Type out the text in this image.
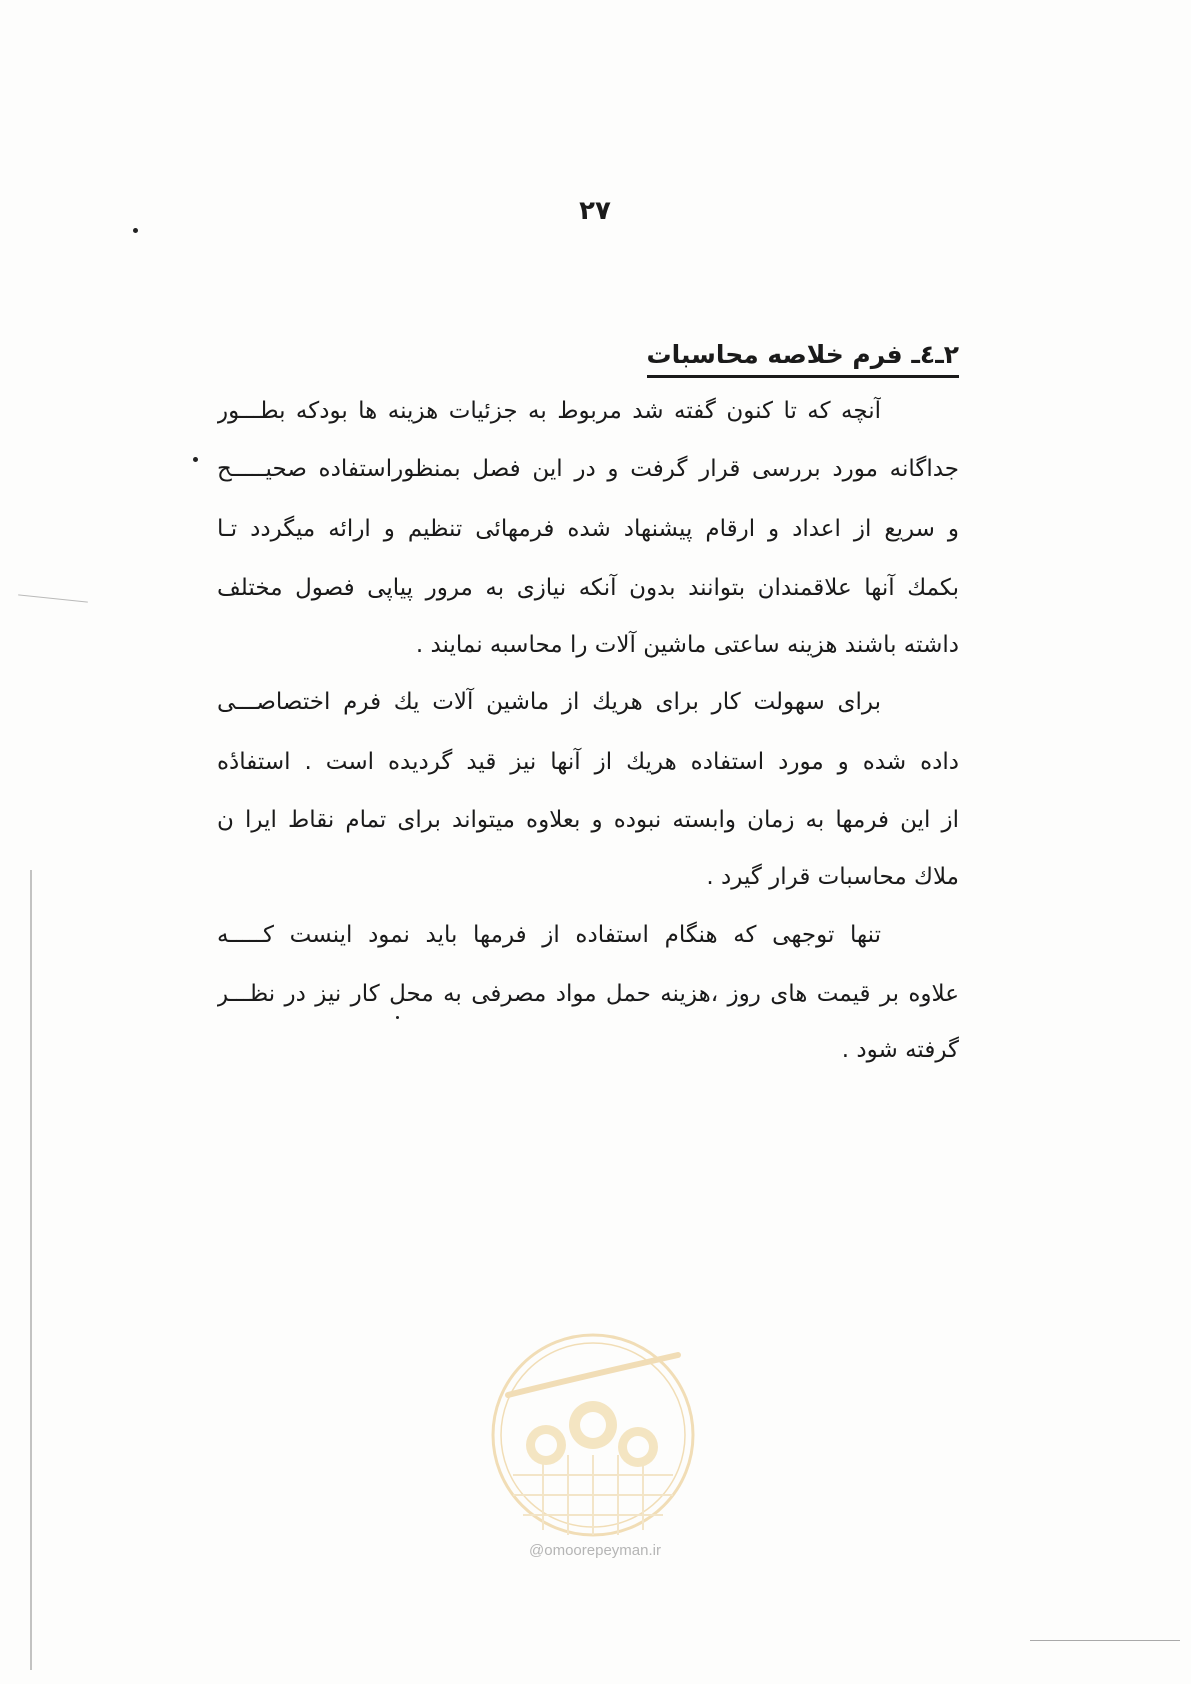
۲۷
۲ـ٤ـ فرم خلاصه محاسبات
آنچه که تا کنون گفته شد مربوط به جزئیات هزینه ها بودکه بطـــور
جداگانه مورد بررسی قرار گرفت و در این فصل بمنظوراستفاده صحیـــــح
و سریع از اعداد و ارقام پیشنهاد شده فرمهائی تنظیم و ارائه میگردد تـا
بکمك آنها علاقمندان بتوانند بدون آنکه نیازی به مرور پیاپی فصول مختلف
داشته باشند هزینه ساعتی ماشین آلات را محاسبه نمایند .
برای سهولت کار برای هریك از ماشین آلات یك فرم اختصاصـــی
داده شده و مورد استفاده هریك از آنها نیز قید گردیده است . استفادٔه
از این فرمها به زمان وابسته نبوده و بعلاوه میتواند برای تمام نقاط ایرا ن
ملاك محاسبات قرار گیرد .
تنها توجهی که هنگام استفاده از فرمها باید نمود اینست کـــــه
علاوه بر قیمت های روز ،هزینه حمل مواد مصرفی به محل کار نیز در نظـــر
گرفته شود .
@omoorepeyman.ir
